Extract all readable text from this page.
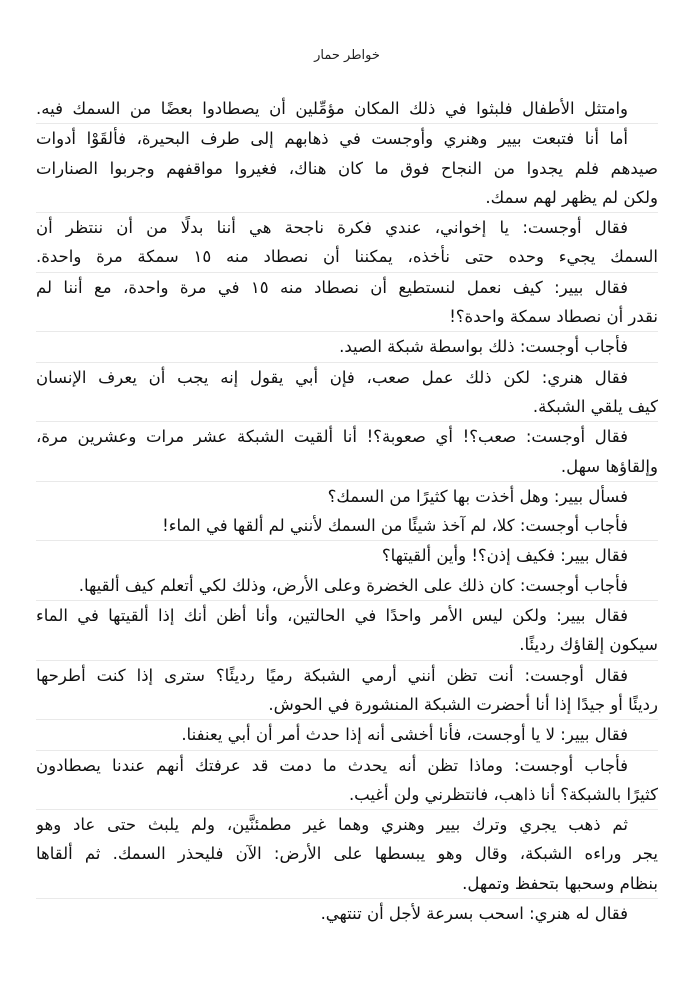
خواطر حمار
وامتثل الأطفال فلبثوا في ذلك المكان مؤمِّلين أن يصطادوا بعضًا من السمك فيه.
أما أنا فتبعت بيير وهنري وأوجست في ذهابهم إلى طرف البحيرة، فألقَوْا أدوات
صيدهم فلم يجدوا من النجاح فوق ما كان هناك، فغيروا مواقفهم وجربوا الصنارات
ولكن لم يظهر لهم سمك.
فقال أوجست: يا إخواني، عندي فكرة ناجحة هي أننا بدلًا من أن ننتظر أن
السمك يجيء وحده حتى نأخذه، يمكننا أن نصطاد منه ١٥ سمكة مرة واحدة.
فقال بيير: كيف نعمل لنستطيع أن نصطاد منه ١٥ في مرة واحدة، مع أننا لم
نقدر أن نصطاد سمكة واحدة؟!
فأجاب أوجست: ذلك بواسطة شبكة الصيد.
فقال هنري: لكن ذلك عمل صعب، فإن أبي يقول إنه يجب أن يعرف الإنسان
كيف يلقي الشبكة.
فقال أوجست: صعب؟! أي صعوبة؟! أنا ألقيت الشبكة عشر مرات وعشرين مرة،
وإلقاؤها سهل.
فسأل بيير: وهل أخذت بها كثيرًا من السمك؟
فأجاب أوجست: كلا، لم آخذ شيئًا من السمك لأنني لم ألقها في الماء!
فقال بيير: فكيف إذن؟! وأين ألقيتها؟
فأجاب أوجست: كان ذلك على الخضرة وعلى الأرض، وذلك لكي أتعلم كيف ألقيها.
فقال بيير: ولكن ليس الأمر واحدًا في الحالتين، وأنا أظن أنك إذا ألقيتها في الماء
سيكون إلقاؤك رديئًا.
فقال أوجست: أنت تظن أنني أرمي الشبكة رميًا رديئًا؟ سترى إذا كنت أطرحها
رديئًا أو جيدًا إذا أنا أحضرت الشبكة المنشورة في الحوش.
فقال بيير: لا يا أوجست، فأنا أخشى أنه إذا حدث أمر أن أبي يعنفنا.
فأجاب أوجست: وماذا تظن أنه يحدث ما دمت قد عرفتك أنهم عندنا يصطادون
كثيرًا بالشبكة؟ أنا ذاهب، فانتظرني ولن أغيب.
ثم ذهب يجري وترك بيير وهنري وهما غير مطمئنَّين، ولم يلبث حتى عاد وهو
يجر وراءه الشبكة، وقال وهو يبسطها على الأرض: الآن فليحذر السمك. ثم ألقاها
بنظام وسحبها بتحفظ وتمهل.
فقال له هنري: اسحب بسرعة لأجل أن تنتهي.
